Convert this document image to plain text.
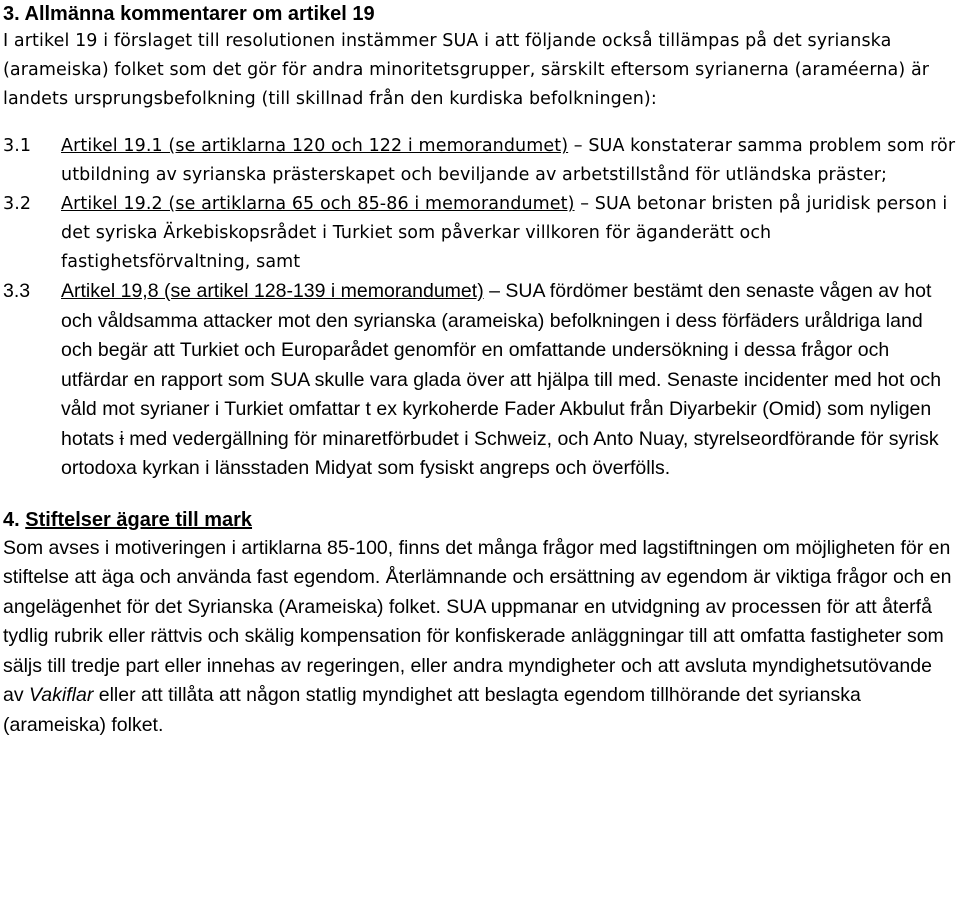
3. Allmänna kommentarer om artikel 19
I artikel 19 i förslaget till resolutionen instämmer SUA i att följande också tillämpas på det syrianska (arameiska) folket som det gör för andra minoritetsgrupper, särskilt eftersom syrianerna (araméerna) är landets ursprungsbefolkning (till skillnad från den kurdiska befolkningen):
3.1	Artikel 19.1 (se artiklarna 120 och 122 i memorandumet) – SUA konstaterar samma problem som rör utbildning av syrianska prästerskapet och beviljande av arbetstillstånd för utländska präster;
3.2	Artikel 19.2 (se artiklarna 65 och 85-86 i memorandumet) – SUA betonar bristen på juridisk person i det syriska Ärkebiskopsrådet i Turkiet som påverkar villkoren för äganderätt och fastighetsförvaltning, samt
3.3	Artikel 19,8 (se artikel 128-139 i memorandumet) – SUA fördömer bestämt den senaste vågen av hot och våldsamma attacker mot den syrianska (arameiska) befolkningen i dess förfäders uråldriga land och begär att Turkiet och Europarådet genomför en omfattande undersökning i dessa frågor och utfärdar en rapport som SUA skulle vara glada över att hjälpa till med. Senaste incidenter med hot och våld mot syrianer i Turkiet omfattar t ex kyrkoherde Fader Akbulut från Diyarbekir (Omid) som nyligen hotats i med vedergällning för minaretförbudet i Schweiz, och Anto Nuay, styrelseordförande för syrisk ortodoxa kyrkan i länsstaden Midyat som fysiskt angreps och överfölls.
4. Stiftelser ägare till mark
Som avses i motiveringen i artiklarna 85-100, finns det många frågor med lagstiftningen om möjligheten för en stiftelse att äga och använda fast egendom. Återlämnande och ersättning av egendom är viktiga frågor och en angelägenhet för det Syrianska (Arameiska) folket. SUA uppmanar en utvidgning av processen för att återfå tydlig rubrik eller rättvis och skälig kompensation för konfiskerade anläggningar till att omfatta fastigheter som säljs till tredje part eller innehas av regeringen, eller andra myndigheter och att avsluta myndighetsutövande av Vakiflar eller att tillåta att någon statlig myndighet att beslagta egendom tillhörande det syrianska (arameiska) folket.
